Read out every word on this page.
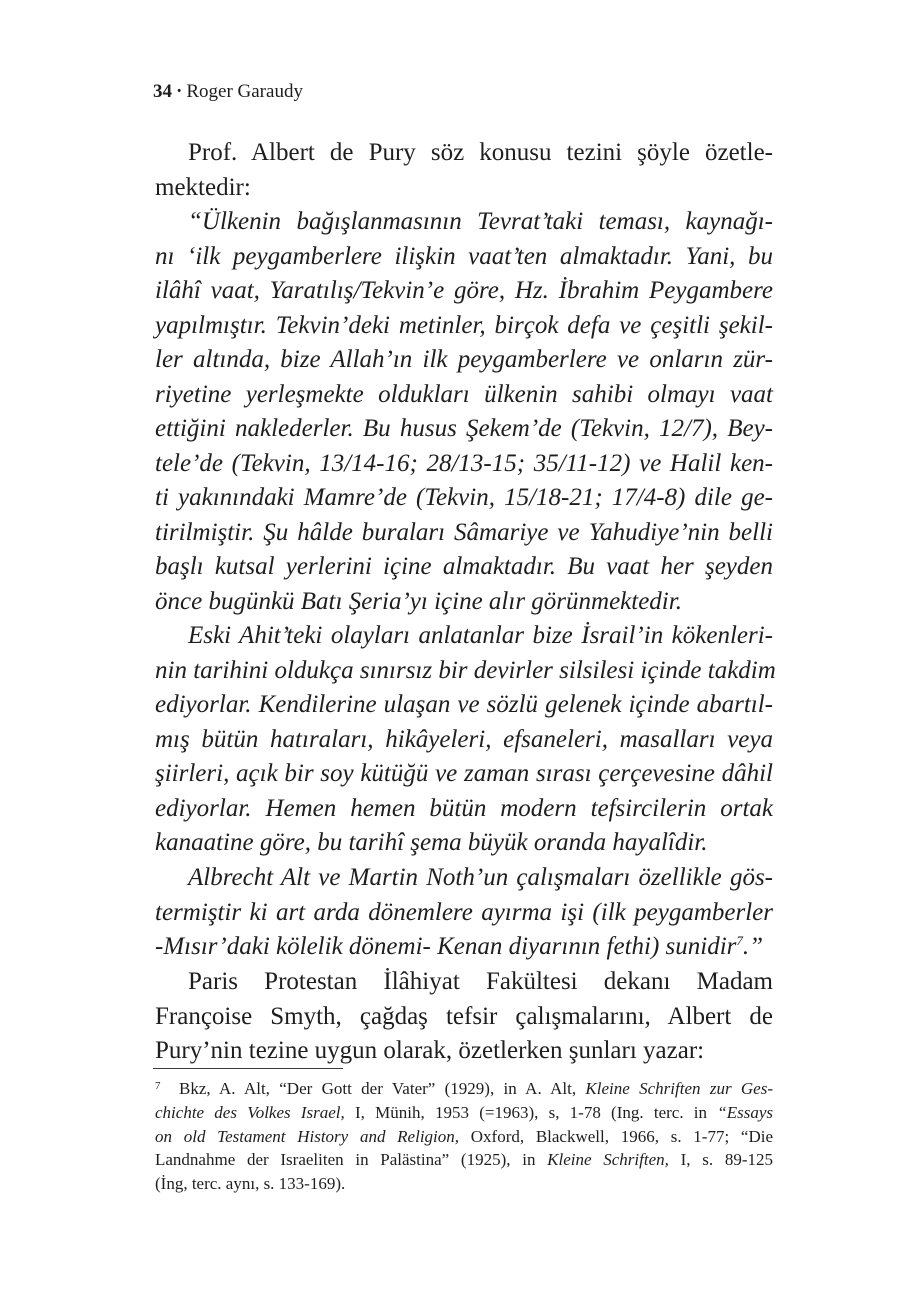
34 · Roger Garaudy
Prof. Albert de Pury söz konusu tezini şöyle özetle-
mektedir:
“Ülkenin bağışlanmasının Tevrat’taki teması, kaynağı-
nı ‘ilk peygamberlere ilişkin vaat’ten almaktadır. Yani, bu
ilâhî vaat, Yaratılış/Tekvin’e göre, Hz. İbrahim Peygambere
yapılmıştır. Tekvin’deki metinler, birçok defa ve çeşitli şekil-
ler altında, bize Allah’ın ilk peygamberlere ve onların zür-
riyetine yerleşmekte oldukları ülkenin sahibi olmayı vaat
ettiğini naklederler. Bu husus Şekem’de (Tekvin, 12/7), Bey-
tele’de (Tekvin, 13/14-16; 28/13-15; 35/11-12) ve Halil ken-
ti yakınındaki Mamre’de (Tekvin, 15/18-21; 17/4-8) dile ge-
tirilmiştir. Şu hâlde buraları Sâmariye ve Yahudiye’nin belli
başlı kutsal yerlerini içine almaktadır. Bu vaat her şeyden
önce bugünkü Batı Şeria’yı içine alır görünmektedir.
Eski Ahit’teki olayları anlatanlar bize İsrail’in kökenleri-
nin tarihini oldukça sınırsız bir devirler silsilesi içinde takdim
ediyorlar. Kendilerine ulaşan ve sözlü gelenek içinde abartıl-
mış bütün hatıraları, hikâyeleri, efsaneleri, masalları veya
şiirleri, açık bir soy kütüğü ve zaman sırası çerçevesine dâhil
ediyorlar. Hemen hemen bütün modern tefsircilerin ortak
kanaatine göre, bu tarihî şema büyük oranda hayalîdir.
Albrecht Alt ve Martin Noth’un çalışmaları özellikle gös-
termiştir ki art arda dönemlere ayırma işi (ilk peygamberler
-Mısır’daki kölelik dönemi- Kenan diyarının fethi) sunidir$^7$.”
Paris Protestan İlâhiyat Fakültesi dekanı Madam
Françoise Smyth, çağdaş tefsir çalışmalarını, Albert de
Pury’nin tezine uygun olarak, özetlerken şunları yazar:
7	Bkz, A. Alt, “Der Gott der Vater” (1929), in A. Alt, Kleine Schriften zur Ges-
chichte des Volkes Israel, I, Münih, 1953 (=1963), s, 1-78 (Ing. terc. in “Essays
on old Testament History and Religion, Oxford, Blackwell, 1966, s. 1-77; “Die
Landnahme der Israeliten in Palästina” (1925), in Kleine Schriften, I, s. 89-125
(İng, terc. aynı, s. 133-169).
